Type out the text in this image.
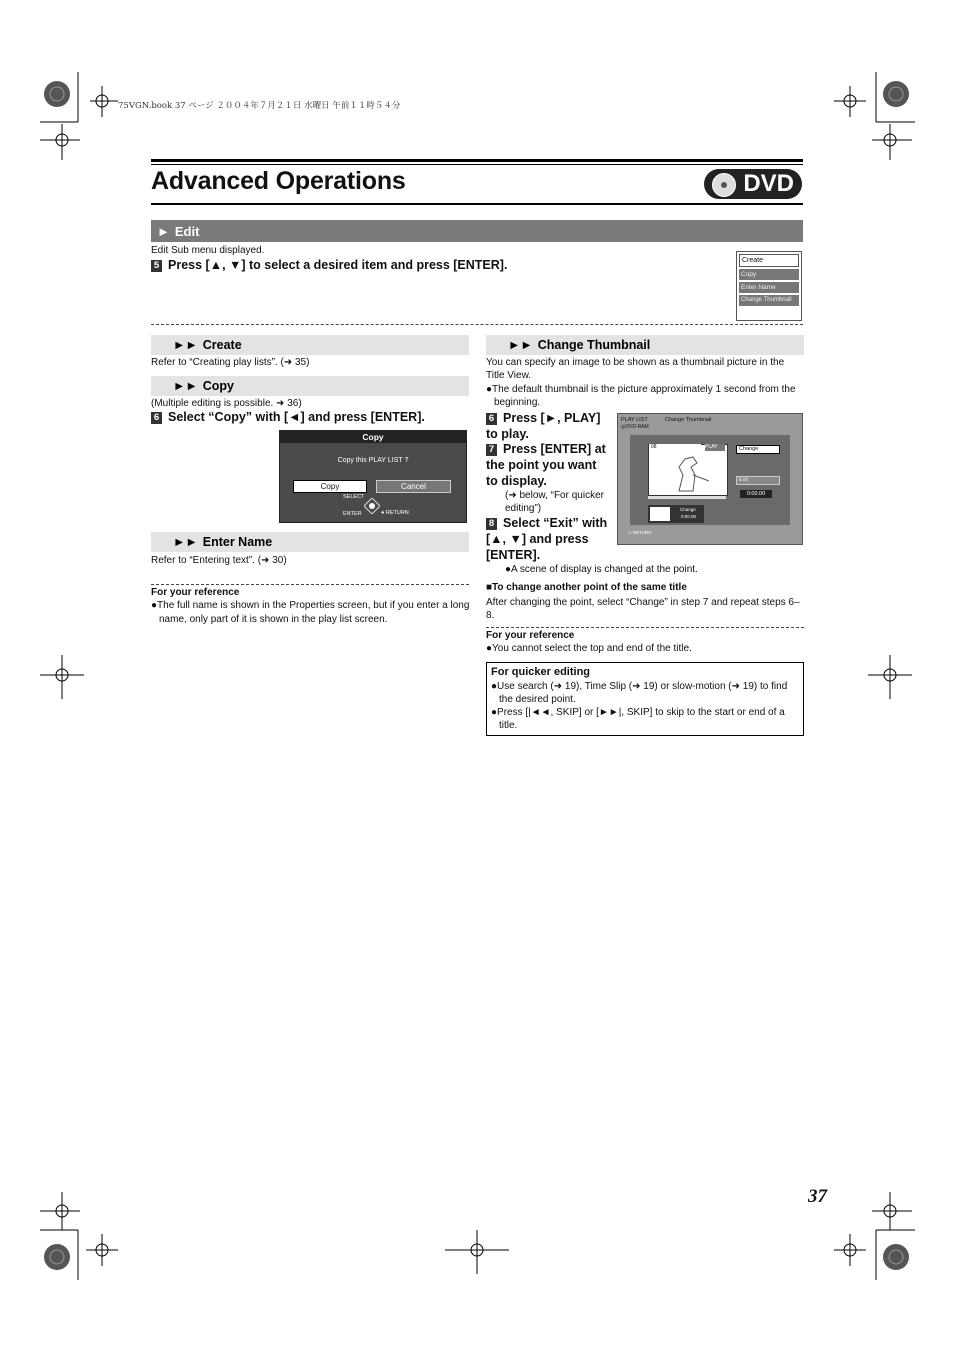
75VGN.book 37 ページ ２００４年７月２１日 水曜日 午前１１時５４分
Advanced Operations	DVD
► Edit
Edit Sub menu displayed.
5 Press [▲, ▼] to select a desired item and press [ENTER].	Create
Copy
Enter Name
Change Thumbnail
►► Create
Refer to “Creating play lists”. (➜ 35)
►► Copy
(Multiple editing is possible. ➜ 36)
6 Select “Copy” with [◄] and press [ENTER].
Copy
Copy this PLAY LIST ?
Copy	Cancel
SELECT
ENTER	● RETURN
►► Enter Name
Refer to “Entering text”. (➜ 30)
For your reference
●The full name is shown in the Properties screen, but if you enter a long name, only part of it is shown in the play list screen.
►► Change Thumbnail
You can specify an image to be shown as a thumbnail picture in the Title View.
●The default thumbnail is the picture approximately 1 second from the beginning.
6 Press [►, PLAY] to play.
7 Press [ENTER] at the point you want to display.
(➜ below, “For quicker editing”)
8 Select “Exit” with [▲, ▼] and press [ENTER].
●A scene of display is changed at the point.
PLAY LIST	Change Thumbnail
◎DVD-RAM
08	PLAY	Change
Exit
0:00.00
Change
0:00.00
◇ RETURN
■To change another point of the same title
After changing the point, select “Change” in step 7 and repeat steps 6–8.
For your reference
●You cannot select the top and end of the title.
For quicker editing
●Use search (➜ 19), Time Slip (➜ 19) or slow-motion (➜ 19) to find the desired point.
●Press [|◄◄, SKIP] or [►►|, SKIP] to skip to the start or end of a title.
37
